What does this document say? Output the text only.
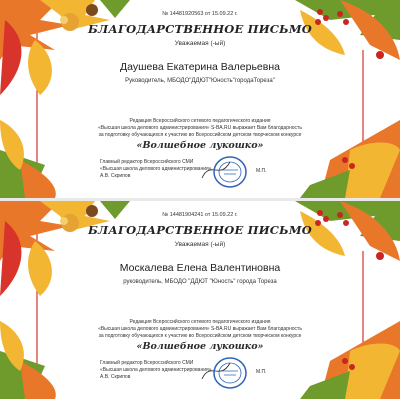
№ 14481920563 от 15.09.22 г.
БЛАГОДАРСТВЕННОЕ ПИСЬМО
Уважаемая (-ый)
Даушева Екатерина Валерьевна
Руководитель, МБОДО"ДДЮТ"Юность"городаТореза"
Редакция Всероссийского сетевого педагогического издания
«Высшая школа делового администрирования» S-BA.RU выражает Вам благодарность
за подготовку обучающихся к участию во Всероссийском детском творческом конкурсе
«Волшебное лукошко»
Главный редактор Всероссийского СМИ
«Высшая школа делового администрирования»
А.В. Скрипов
М.П.
№ 14481904241 от 15.09.22 г.
БЛАГОДАРСТВЕННОЕ ПИСЬМО
Уважаемая (-ый)
Москалева Елена Валентиновна
руководитель, МБОДО "ДДЮТ "Юность" города Тореза
Редакция Всероссийского сетевого педагогического издания
«Высшая школа делового администрирования» S-BA.RU выражает Вам благодарность
за подготовку обучающихся к участию во Всероссийском детском творческом конкурсе
«Волшебное лукошко»
Главный редактор Всероссийского СМИ
«Высшая школа делового администрирования»
А.В. Скрипов
М.П.
